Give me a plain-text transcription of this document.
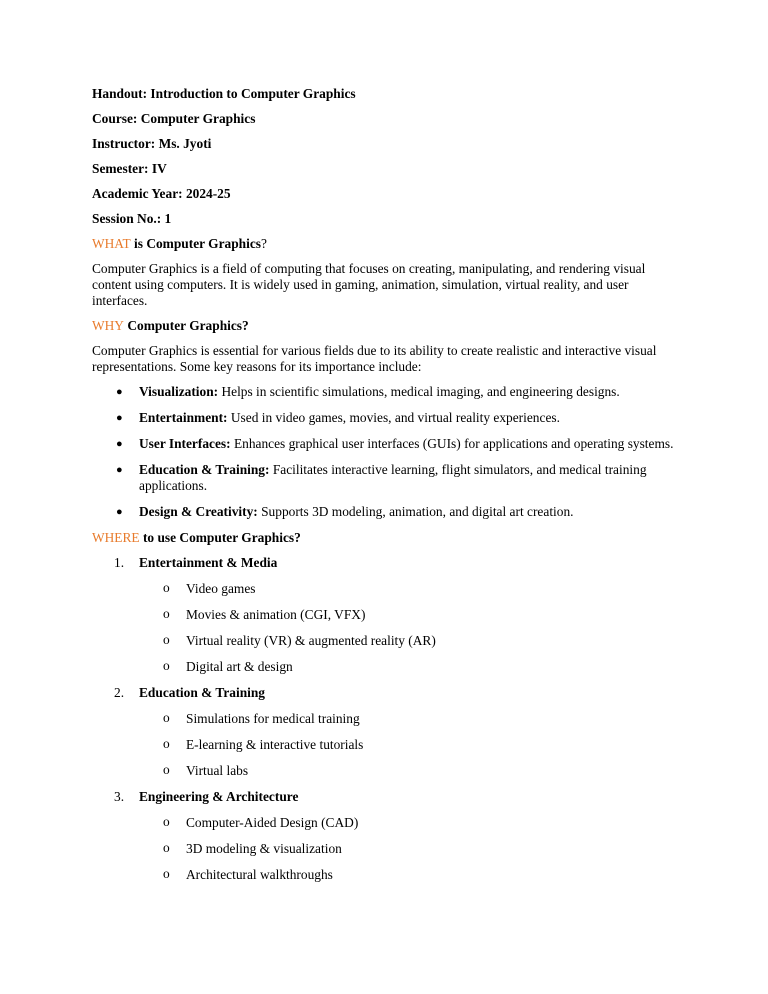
Handout: Introduction to Computer Graphics

Course: Computer Graphics

Instructor: Ms. Jyoti

Semester: IV

Academic Year: 2024-25

Session No.: 1

WHAT is Computer Graphics?

Computer Graphics is a field of computing that focuses on creating, manipulating, and rendering visual content using computers. It is widely used in gaming, animation, simulation, virtual reality, and user interfaces.

WHY Computer Graphics?

Computer Graphics is essential for various fields due to its ability to create realistic and interactive visual representations. Some key reasons for its importance include:

● Visualization: Helps in scientific simulations, medical imaging, and engineering designs.
● Entertainment: Used in video games, movies, and virtual reality experiences.
● User Interfaces: Enhances graphical user interfaces (GUIs) for applications and operating systems.
● Education & Training: Facilitates interactive learning, flight simulators, and medical training applications.
● Design & Creativity: Supports 3D modeling, animation, and digital art creation.

WHERE to use Computer Graphics?

1. Entertainment & Media
o Video games
o Movies & animation (CGI, VFX)
o Virtual reality (VR) & augmented reality (AR)
o Digital art & design
2. Education & Training
o Simulations for medical training
o E-learning & interactive tutorials
o Virtual labs
3. Engineering & Architecture
o Computer-Aided Design (CAD)
o 3D modeling & visualization
o Architectural walkthroughs
